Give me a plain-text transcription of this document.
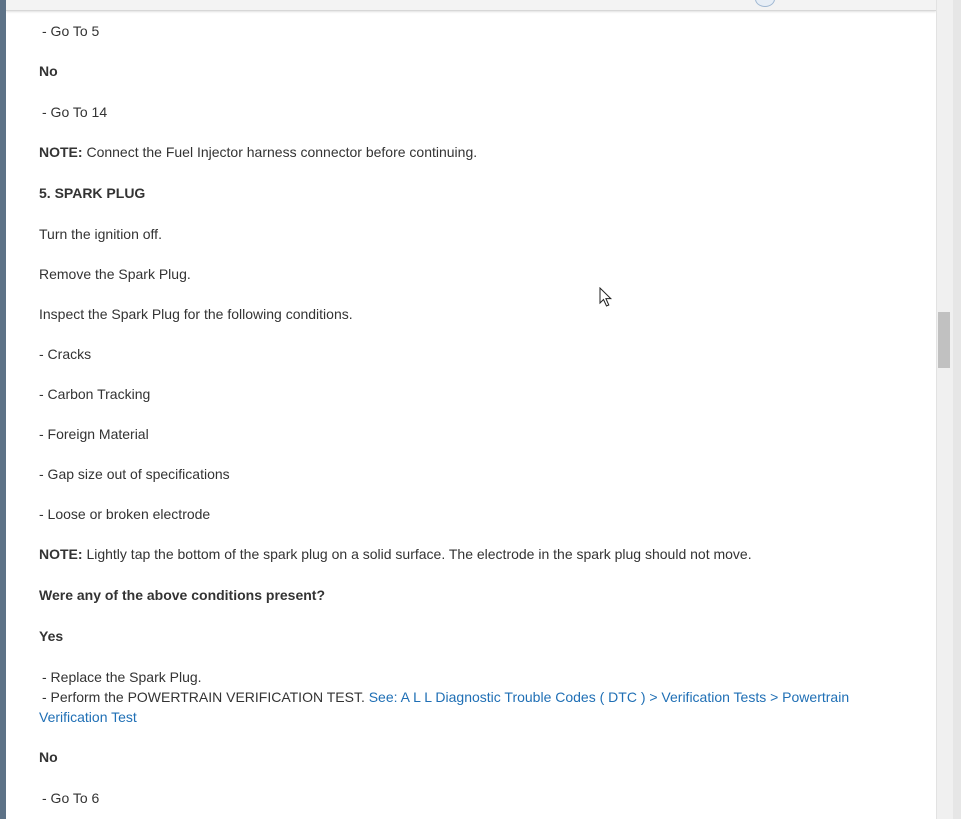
- Go To 5
No
- Go To 14
NOTE: Connect the Fuel Injector harness connector before continuing.
5. SPARK PLUG
Turn the ignition off.
Remove the Spark Plug.
Inspect the Spark Plug for the following conditions.
- Cracks
- Carbon Tracking
- Foreign Material
- Gap size out of specifications
- Loose or broken electrode
NOTE: Lightly tap the bottom of the spark plug on a solid surface. The electrode in the spark plug should not move.
Were any of the above conditions present?
Yes
- Replace the Spark Plug.
- Perform the POWERTRAIN VERIFICATION TEST. See: A L L Diagnostic Trouble Codes ( DTC ) > Verification Tests > Powertrain Verification Test
No
- Go To 6
